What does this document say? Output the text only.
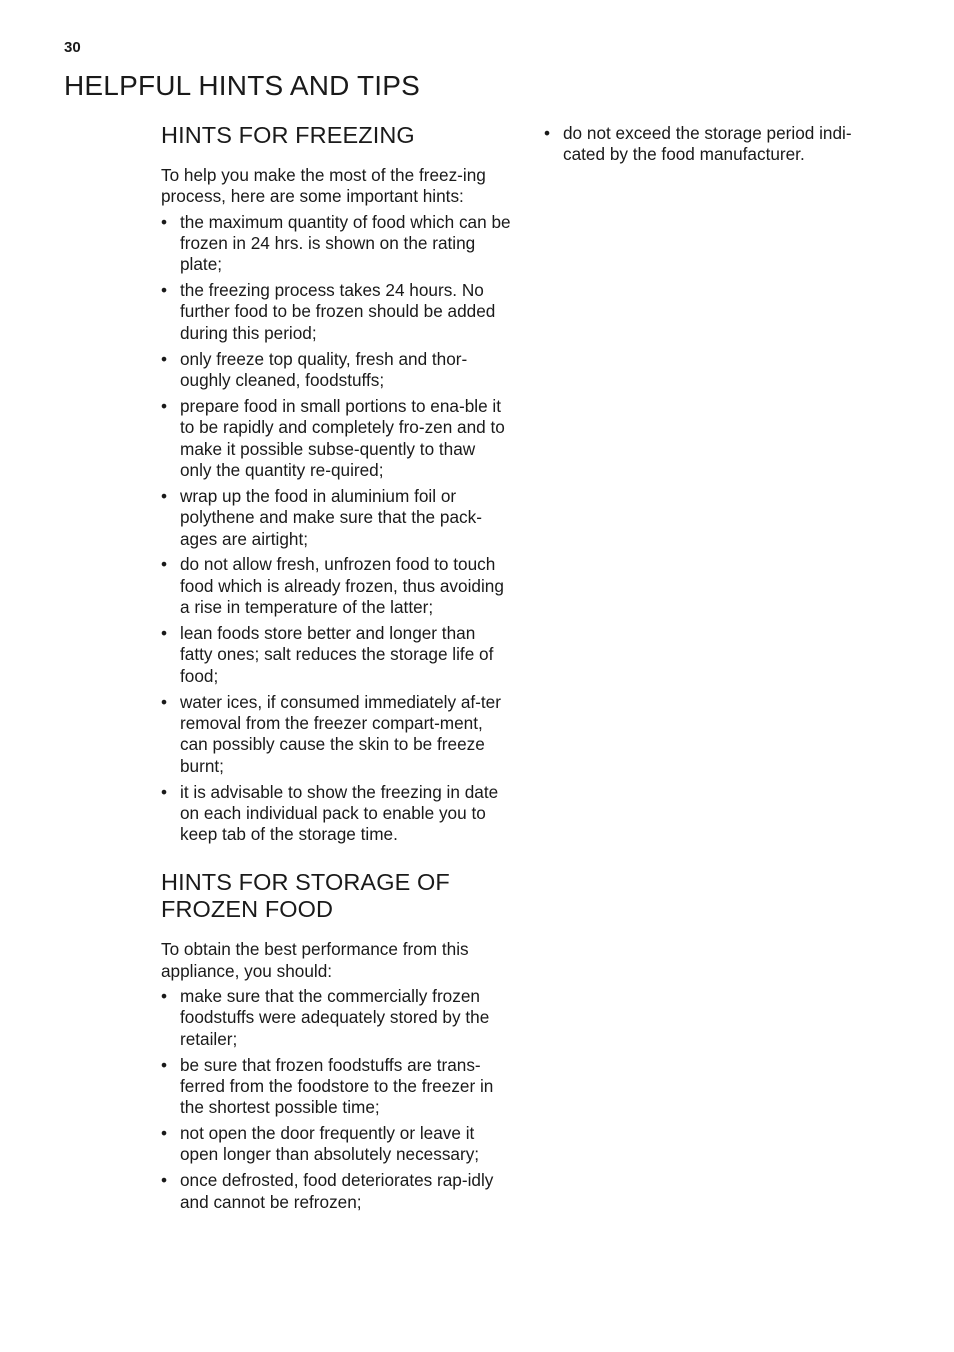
30
HELPFUL HINTS AND TIPS
HINTS FOR FREEZING

To help you make the most of the freez-ing process, here are some important hints:

• the maximum quantity of food which can be frozen in 24 hrs. is shown on the rating plate;
• the freezing process takes 24 hours. No further food to be frozen should be added during this period;
• only freeze top quality, fresh and thor-oughly cleaned, foodstuffs;
• prepare food in small portions to ena-ble it to be rapidly and completely fro-zen and to make it possible subse-quently to thaw only the quantity re-quired;
• wrap up the food in aluminium foil or polythene and make sure that the pack-ages are airtight;
• do not allow fresh, unfrozen food to touch food which is already frozen, thus avoiding a rise in temperature of the latter;
• lean foods store better and longer than fatty ones; salt reduces the storage life of food;
• water ices, if consumed immediately af-ter removal from the freezer compart-ment, can possibly cause the skin to be freeze burnt;
• it is advisable to show the freezing in date on each individual pack to enable you to keep tab of the storage time.
HINTS FOR STORAGE OF FROZEN FOOD

To obtain the best performance from this appliance, you should:

• make sure that the commercially frozen foodstuffs were adequately stored by the retailer;
• be sure that frozen foodstuffs are trans-ferred from the foodstore to the freezer in the shortest possible time;
• not open the door frequently or leave it open longer than absolutely necessary;
• once defrosted, food deteriorates rap-idly and cannot be refrozen;
• do not exceed the storage period indi-cated by the food manufacturer.
